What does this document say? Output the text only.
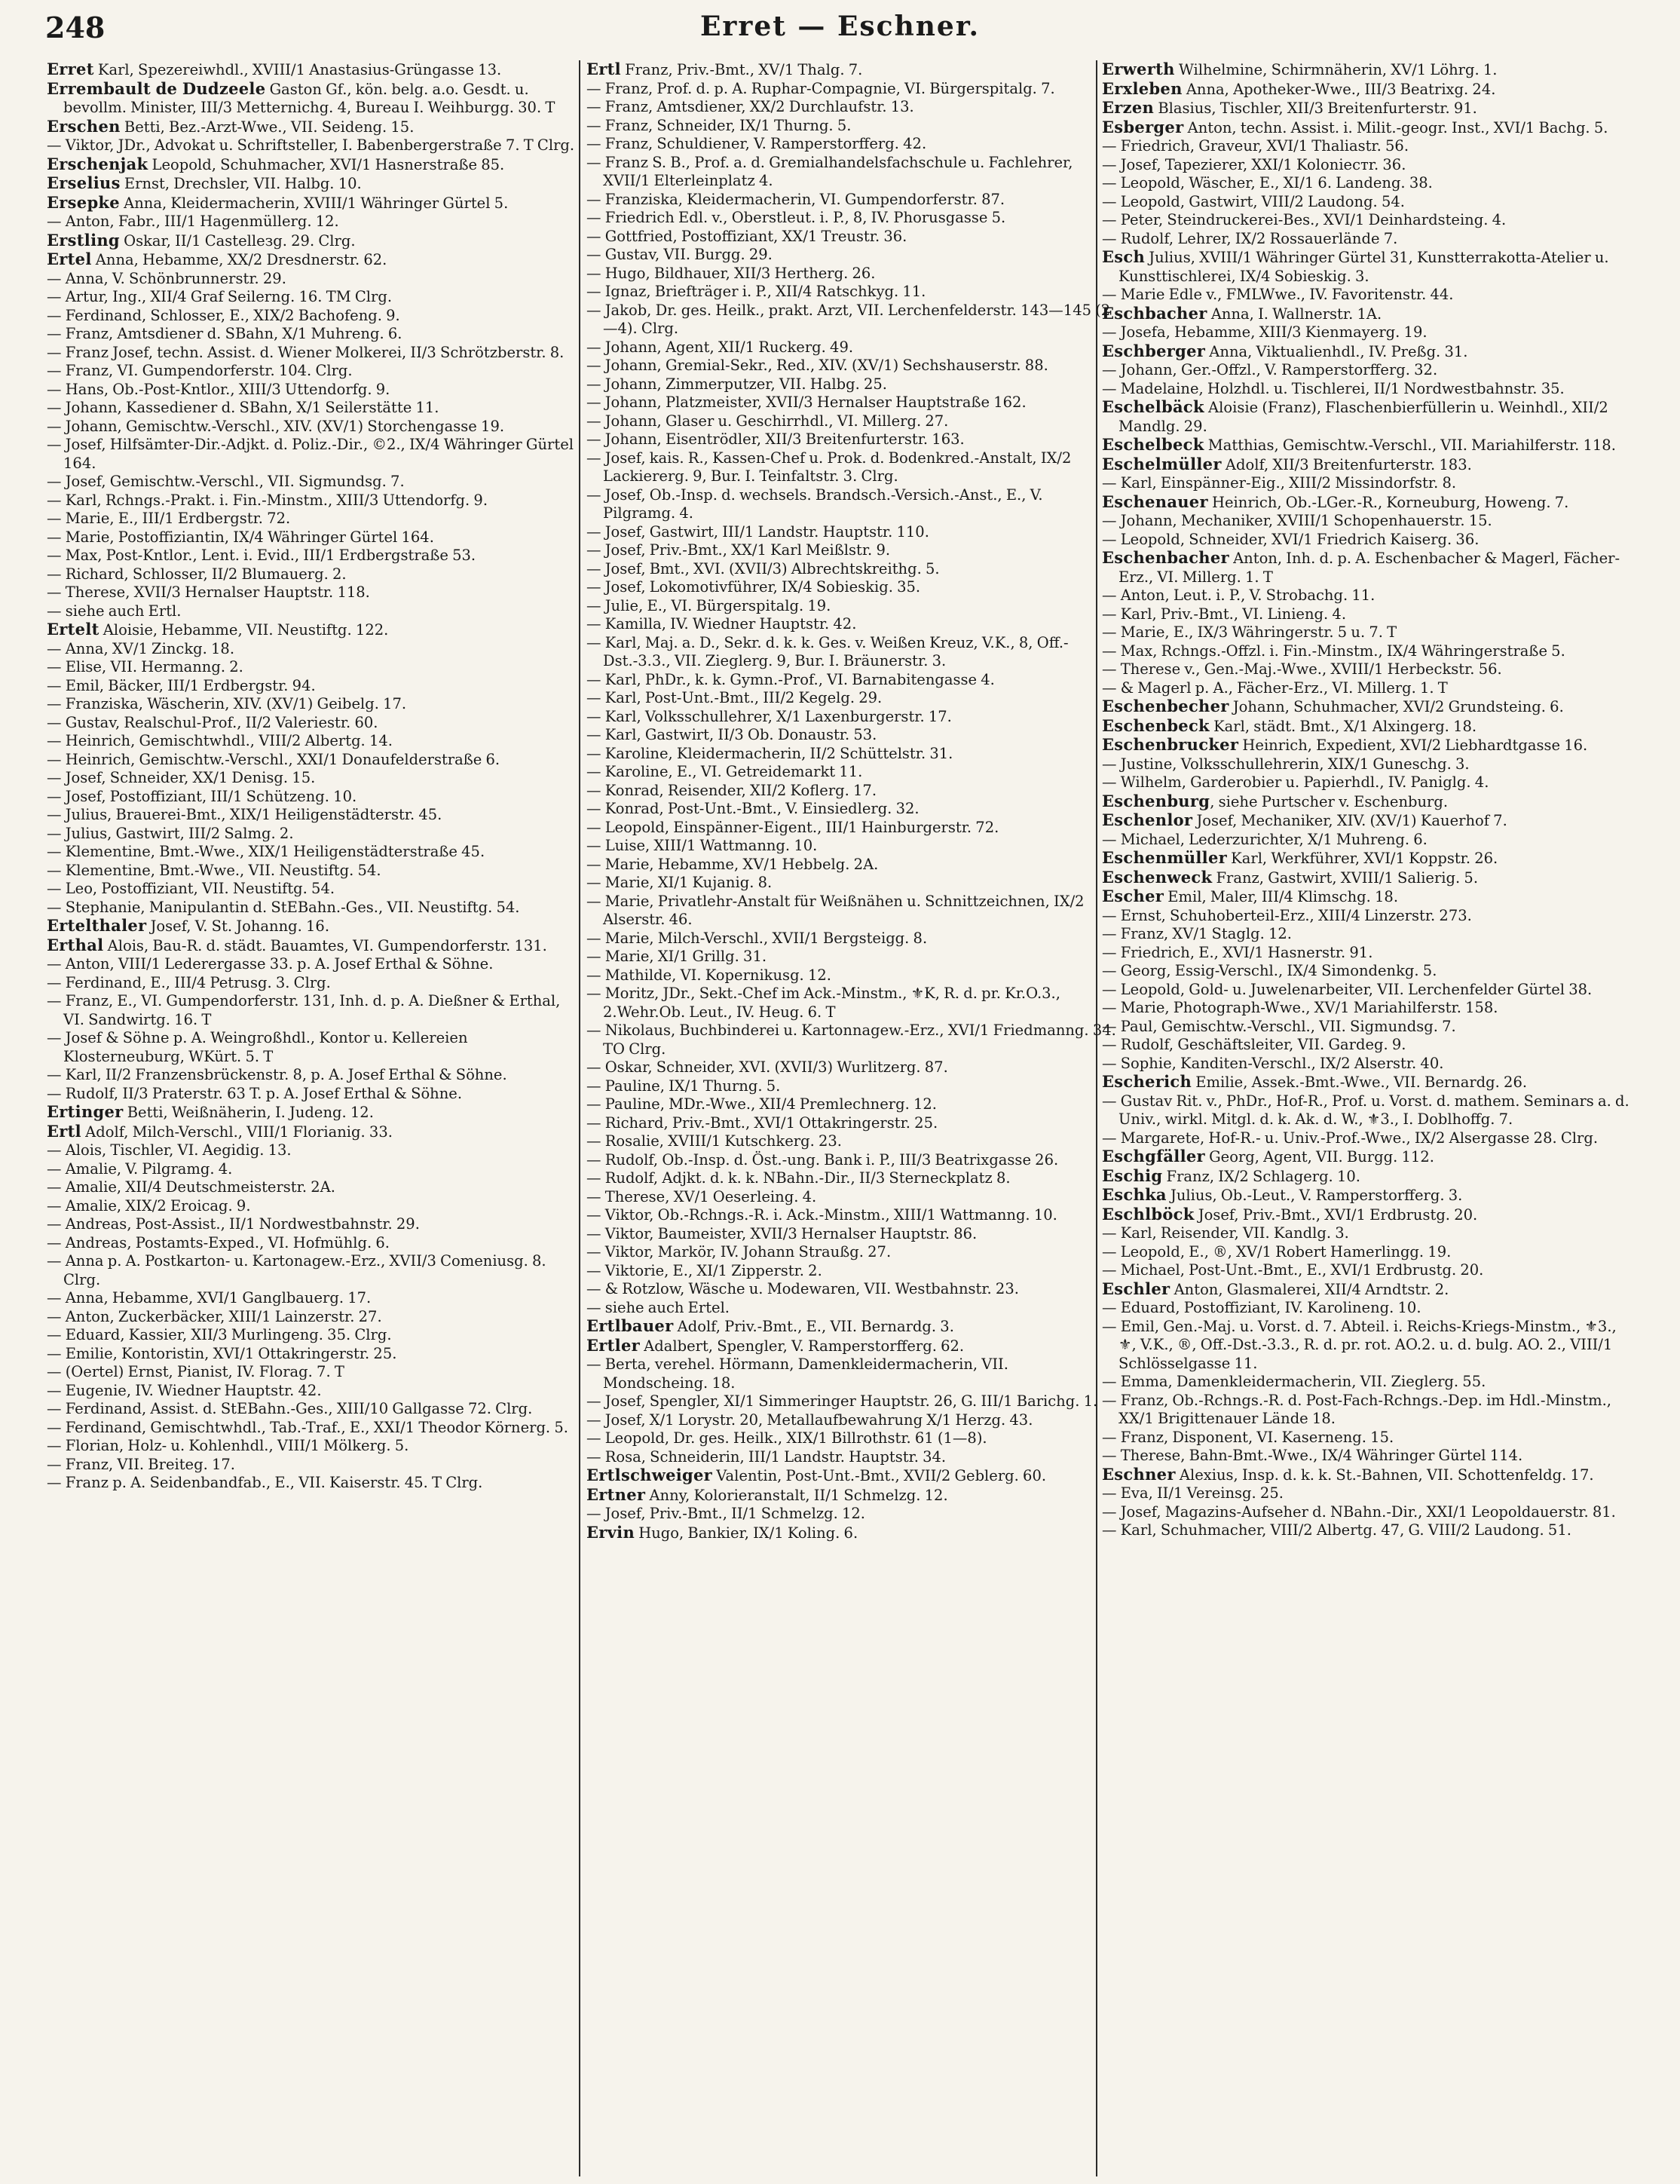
248	Erret — Eschner.

Erret Karl, Spezereiwhdl., XVIII/1 Anastasius-Grüngasse 13.

Errembault de Dudzeele Gaston Gf., kön. belg. a.o. Gesdt. u. bevollm. Minister, III/3 Metternichg. 4, Bureau I. Weihburgg. 30. T

Erschen Betti, Bez.-Arzt-Wwe., VII. Seideng. 15.

— Viktor, JDr., Advokat u. Schriftsteller, I. Babenbergerstraße 7. T Clrg.

Erschenjak Leopold, Schuhmacher, XVI/1 Hasnerstraße 85.

Erselius Ernst, Drechsler, VII. Halbg. 10.

Ersepke Anna, Kleidermacherin, XVIII/1 Währinger Gürtel 5.

— Anton, Fabr., III/1 Hagenmüllerg. 12.

Erstling Oskar, II/1 Castelleзg. 29. Clrg.

Ertel Anna, Hebamme, XX/2 Dresdnerstr. 62.

— Anna, V. Schönbrunnerstr. 29.

— Artur, Ing., XII/4 Graf Seilerng. 16. TM Clrg.

— Ferdinand, Schlosser, E., XIX/2 Bachofeng. 9.

— Franz, Amtsdiener d. SBahn, X/1 Muhreng. 6.

— Franz Josef, techn. Assist. d. Wiener Molkerei, II/3 Schrötzberstr. 8.

— Franz, VI. Gumpendorferstr. 104. Clrg.

— Hans, Ob.-Post-Kntlor., XIII/3 Uttendorfg. 9.

— Johann, Kassediener d. SBahn, X/1 Seilerstätte 11.

— Johann, Gemischtw.-Verschl., XIV. (XV/1) Storchengasse 19.

— Josef, Hilfsämter-Dir.-Adjkt. d. Poliz.-Dir., ©2., IX/4 Währinger Gürtel 164.

— Josef, Gemischtw.-Verschl., VII. Sigmundsg. 7.

— Karl, Rchngs.-Prakt. i. Fin.-Minstm., XIII/3 Uttendorfg. 9.

— Marie, E., III/1 Erdbergstr. 72.

— Marie, Postoffiziantin, IX/4 Währinger Gürtel 164.

— Max, Post-Kntlor., Lent. i. Evid., III/1 Erdbergstraße 53.

— Richard, Schlosser, II/2 Blumauerg. 2.

— Therese, XVII/3 Hernalser Hauptstr. 118.

— siehe auch Ertl.

Ertelt Aloisie, Hebamme, VII. Neustiftg. 122.

— Anna, XV/1 Zinckg. 18.

— Elise, VII. Hermanng. 2.

— Emil, Bäcker, III/1 Erdbergstr. 94.

— Franziska, Wäscherin, XIV. (XV/1) Geibelg. 17.

— Gustav, Realschul-Prof., II/2 Valeriestr. 60.

— Heinrich, Gemischtwhdl., VIII/2 Albertg. 14.

— Heinrich, Gemischtw.-Verschl., XXI/1 Donaufelderstraße 6.

— Josef, Schneider, XX/1 Denisg. 15.

— Josef, Postoffiziant, III/1 Schützeng. 10.

— Julius, Brauerei-Bmt., XIX/1 Heiligenstädterstr. 45.

— Julius, Gastwirt, III/2 Salmg. 2.

— Klementine, Bmt.-Wwe., XIX/1 Heiligenstädterstraße 45.

— Klementine, Bmt.-Wwe., VII. Neustiftg. 54.

— Leo, Postoffiziant, VII. Neustiftg. 54.

— Stephanie, Manipulantin d. StEBahn.-Ges., VII. Neustiftg. 54.

Ertelthaler Josef, V. St. Johanng. 16.

Erthal Alois, Bau-R. d. städt. Bauamtes, VI. Gumpendorferstr. 131.

— Anton, VIII/1 Lederergasse 33. p. A. Josef Erthal & Söhne.

— Ferdinand, E., III/4 Petrusg. 3. Clrg.

— Franz, E., VI. Gumpendorferstr. 131, Inh. d. p. A. Dießner & Erthal, VI. Sandwirtg. 16. T

— Josef & Söhne p. A. Weingroßhdl., Kontor u. Kellereien Klosterneuburg, WKürt. 5. T

— Karl, II/2 Franzensbrückenstr. 8, p. A. Josef Erthal & Söhne.

— Rudolf, II/3 Praterstr. 63 T. p. A. Josef Erthal & Söhne.

Ertinger Betti, Weißnäherin, I. Judeng. 12.

Ertl Adolf, Milch-Verschl., VIII/1 Florianig. 33.

— Alois, Tischler, VI. Aegidig. 13.

— Amalie, V. Pilgramg. 4.

— Amalie, XII/4 Deutschmeisterstr. 2A.

— Amalie, XIX/2 Eroicag. 9.

— Andreas, Post-Assist., II/1 Nordwestbahnstr. 29.

— Andreas, Postamts-Exped., VI. Hofmühlg. 6.

— Anna p. A. Postkarton- u. Kartonagew.-Erz., XVII/3 Comeniusg. 8. Clrg.

— Anna, Hebamme, XVI/1 Ganglbauerg. 17.

— Anton, Zuckerbäcker, XIII/1 Lainzerstr. 27.

— Eduard, Kassier, XII/3 Murlingeng. 35. Clrg.

— Emilie, Kontoristin, XVI/1 Ottakringerstr. 25.

— (Oertel) Ernst, Pianist, IV. Florag. 7. T

— Eugenie, IV. Wiedner Hauptstr. 42.

— Ferdinand, Assist. d. StEBahn.-Ges., XIII/10 Gallgasse 72. Clrg.

— Ferdinand, Gemischtwhdl., Tab.-Traf., E., XXI/1 Theodor Körnerg. 5.

— Florian, Holz- u. Kohlenhdl., VIII/1 Mölkerg. 5.

— Franz, VII. Breiteg. 17.

— Franz p. A. Seidenbandfab., E., VII. Kaiserstr. 45. T Clrg.

Ertl Franz, Priv.-Bmt., XV/1 Thalg. 7.

— Franz, Prof. d. p. A. Ruphar-Compagnie, VI. Bürgerspitalg. 7.

— Franz, Amtsdiener, XX/2 Durchlaufstr. 13.

— Franz, Schneider, IX/1 Thurng. 5.

— Franz, Schuldiener, V. Ramperstorfferg. 42.

— Franz S. B., Prof. a. d. Gremialhandelsfachschule u. Fachlehrer, XVII/1 Elterleinplatz 4.

— Franziska, Kleidermacherin, VI. Gumpendorferstr. 87.

— Friedrich Edl. v., Oberstleut. i. P., 8, IV. Phorusgasse 5.

— Gottfried, Postoffiziant, XX/1 Treustr. 36.

— Gustav, VII. Burgg. 29.

— Hugo, Bildhauer, XII/3 Hertherg. 26.

— Ignaz, Briefträger i. P., XII/4 Ratschkyg. 11.

— Jakob, Dr. ges. Heilk., prakt. Arzt, VII. Lerchenfelderstr. 143—145 (2—4). Clrg.

— Johann, Agent, XII/1 Ruckerg. 49.

— Johann, Gremial-Sekr., Red., XIV. (XV/1) Sechshauserstr. 88.

— Johann, Zimmerputzer, VII. Halbg. 25.

— Johann, Platzmeister, XVII/3 Hernalser Hauptstraße 162.

— Johann, Glaser u. Geschirrhdl., VI. Millerg. 27.

— Johann, Eisentrödler, XII/3 Breitenfurterstr. 163.

— Josef, kais. R., Kassen-Chef u. Prok. d. Bodenkred.-Anstalt, IX/2 Lackiererg. 9, Bur. I. Teinfaltstr. 3. Clrg.

— Josef, Ob.-Insp. d. wechsels. Brandsch.-Versich.-Anst., E., V. Pilgramg. 4.

— Josef, Gastwirt, III/1 Landstr. Hauptstr. 110.

— Josef, Priv.-Bmt., XX/1 Karl Meißlstr. 9.

— Josef, Bmt., XVI. (XVII/3) Albrechtskreithg. 5.

— Josef, Lokomotivführer, IX/4 Sobieskig. 35.

— Julie, E., VI. Bürgerspitalg. 19.

— Kamilla, IV. Wiedner Hauptstr. 42.

— Karl, Maj. a. D., Sekr. d. k. k. Ges. v. Weißen Kreuz, V.K., 8, Off.-Dst.-3.3., VII. Zieglerg. 9, Bur. I. Bräunerstr. 3.

— Karl, PhDr., k. k. Gymn.-Prof., VI. Barnabitengasse 4.

— Karl, Post-Unt.-Bmt., III/2 Kegelg. 29.

— Karl, Volksschullehrer, X/1 Laxenburgerstr. 17.

— Karl, Gastwirt, II/3 Ob. Donaustr. 53.

— Karoline, Kleidermacherin, II/2 Schüttelstr. 31.

— Karoline, E., VI. Getreidemarkt 11.

— Konrad, Reisender, XII/2 Koflerg. 17.

— Konrad, Post-Unt.-Bmt., V. Einsiedlerg. 32.

— Leopold, Einspänner-Eigent., III/1 Hainburgerstr. 72.

— Luise, XIII/1 Wattmanng. 10.

— Marie, Hebamme, XV/1 Hebbelg. 2A.

— Marie, XI/1 Kujanig. 8.

— Marie, Privatlehr-Anstalt für Weißnähen u. Schnittzeichnen, IX/2 Alserstr. 46.

— Marie, Milch-Verschl., XVII/1 Bergsteigg. 8.

— Marie, XI/1 Grillg. 31.

— Mathilde, VI. Kopernikusg. 12.

— Moritz, JDr., Sekt.-Chef im Ack.-Minstm., ⚜K, R. d. pr. Kr.O.3., 2.Wehr.Ob. Leut., IV. Heug. 6. T

— Nikolaus, Buchbinderei u. Kartonnagew.-Erz., XVI/1 Friedmanng. 34. TO Clrg.

— Oskar, Schneider, XVI. (XVII/3) Wurlitzerg. 87.

— Pauline, IX/1 Thurng. 5.

— Pauline, MDr.-Wwe., XII/4 Premlechnerg. 12.

— Richard, Priv.-Bmt., XVI/1 Ottakringerstr. 25.

— Rosalie, XVIII/1 Kutschkerg. 23.

— Rudolf, Ob.-Insp. d. Öst.-ung. Bank i. P., III/3 Beatrixgasse 26.

— Rudolf, Adjkt. d. k. k. NBahn.-Dir., II/3 Sterneckplatz 8.

— Therese, XV/1 Oeserleing. 4.

— Viktor, Ob.-Rchngs.-R. i. Ack.-Minstm., XIII/1 Wattmanng. 10.

— Viktor, Baumeister, XVII/3 Hernalser Hauptstr. 86.

— Viktor, Markör, IV. Johann Straußg. 27.

— Viktorie, E., XI/1 Zipperstr. 2.

— & Rotzlow, Wäsche u. Modewaren, VII. Westbahnstr. 23.

— siehe auch Ertel.

Ertlbauer Adolf, Priv.-Bmt., E., VII. Bernardg. 3.

Ertler Adalbert, Spengler, V. Ramperstorfferg. 62.

— Berta, verehel. Hörmann, Damenkleidermacherin, VII. Mondscheing. 18.

— Josef, Spengler, XI/1 Simmeringer Hauptstr. 26, G. III/1 Barichg. 1.

— Josef, X/1 Lorystr. 20, Metallaufbewahrung X/1 Herzg. 43.

— Leopold, Dr. ges. Heilk., XIX/1 Billrothstr. 61 (1—8).

— Rosa, Schneiderin, III/1 Landstr. Hauptstr. 34.

Ertlschweiger Valentin, Post-Unt.-Bmt., XVII/2 Geblerg. 60.

Ertner Anny, Kolorieranstalt, II/1 Schmelzg. 12.

— Josef, Priv.-Bmt., II/1 Schmelzg. 12.

Ervin Hugo, Bankier, IX/1 Koling. 6.

Erwerth Wilhelmine, Schirmnäherin, XV/1 Löhrg. 1.

Erxleben Anna, Apotheker-Wwe., III/3 Beatrixg. 24.

Erzen Blasius, Tischler, XII/3 Breitenfurterstr. 91.

Esberger Anton, techn. Assist. i. Milit.-geogr. Inst., XVI/1 Bachg. 5.

— Friedrich, Graveur, XVI/1 Thaliastr. 56.

— Josef, Tapezierer, XXI/1 Kolonieстr. 36.

— Leopold, Wäscher, E., XI/1 6. Landeng. 38.

— Leopold, Gastwirt, VIII/2 Laudong. 54.

— Peter, Steindruckerei-Bes., XVI/1 Deinhardsteing. 4.

— Rudolf, Lehrer, IX/2 Rossauerlände 7.

Esch Julius, XVIII/1 Währinger Gürtel 31, Kunstterrakotta-Atelier u. Kunsttischlerei, IX/4 Sobieskig. 3.

— Marie Edle v., FMLWwe., IV. Favoritenstr. 44.

Eschbacher Anna, I. Wallnerstr. 1A.

— Josefa, Hebamme, XIII/3 Kienmayerg. 19.

Eschberger Anna, Viktualienhdl., IV. Preßg. 31.

— Johann, Ger.-Offzl., V. Ramperstorfferg. 32.

— Madelaine, Holzhdl. u. Tischlerei, II/1 Nordwestbahnstr. 35.

Eschelbäck Aloisie (Franz), Flaschenbierfüllerin u. Weinhdl., XII/2 Mandlg. 29.

Eschelbeck Matthias, Gemischtw.-Verschl., VII. Mariahilferstr. 118.

Eschelmüller Adolf, XII/3 Breitenfurterstr. 183.

— Karl, Einspänner-Eig., XIII/2 Missindorfstr. 8.

Eschenauer Heinrich, Ob.-LGer.-R., Korneuburg, Howeng. 7.

— Johann, Mechaniker, XVIII/1 Schopenhauerstr. 15.

— Leopold, Schneider, XVI/1 Friedrich Kaiserg. 36.

Eschenbacher Anton, Inh. d. p. A. Eschenbacher & Magerl, Fächer-Erz., VI. Millerg. 1. T

— Anton, Leut. i. P., V. Strobachg. 11.

— Karl, Priv.-Bmt., VI. Linieng. 4.

— Marie, E., IX/3 Währingerstr. 5 u. 7. T

— Max, Rchngs.-Offzl. i. Fin.-Minstm., IX/4 Währingerstraße 5.

— Therese v., Gen.-Maj.-Wwe., XVIII/1 Herbeckstr. 56.

— & Magerl p. A., Fächer-Erz., VI. Millerg. 1. T

Eschenbecher Johann, Schuhmacher, XVI/2 Grundsteing. 6.

Eschenbeck Karl, städt. Bmt., X/1 Alxingerg. 18.

Eschenbrucker Heinrich, Expedient, XVI/2 Liebhardtgasse 16.

— Justine, Volksschullehrerin, XIX/1 Guneschg. 3.

— Wilhelm, Garderobier u. Papierhdl., IV. Paniglg. 4.

Eschenburg, siehe Purtscher v. Eschenburg.

Eschenlor Josef, Mechaniker, XIV. (XV/1) Kauerhof 7.

— Michael, Lederzurichter, X/1 Muhreng. 6.

Eschenmüller Karl, Werkführer, XVI/1 Koppstr. 26.

Eschenweck Franz, Gastwirt, XVIII/1 Salierig. 5.

Escher Emil, Maler, III/4 Klimschg. 18.

— Ernst, Schuhoberteil-Erz., XIII/4 Linzerstr. 273.

— Franz, XV/1 Staglg. 12.

— Friedrich, E., XVI/1 Hasnerstr. 91.

— Georg, Essig-Verschl., IX/4 Simondenkg. 5.

— Leopold, Gold- u. Juwelenarbeiter, VII. Lerchenfelder Gürtel 38.

— Marie, Photograph-Wwe., XV/1 Mariahilferstr. 158.

— Paul, Gemischtw.-Verschl., VII. Sigmundsg. 7.

— Rudolf, Geschäftsleiter, VII. Gardeg. 9.

— Sophie, Kanditen-Verschl., IX/2 Alserstr. 40.

Escherich Emilie, Assek.-Bmt.-Wwe., VII. Bernardg. 26.

— Gustav Rit. v., PhDr., Hof-R., Prof. u. Vorst. d. mathem. Seminars a. d. Univ., wirkl. Mitgl. d. k. Ak. d. W., ⚜3., I. Doblhoffg. 7.

— Margarete, Hof-R.- u. Univ.-Prof.-Wwe., IX/2 Alsergasse 28. Clrg.

Eschgfäller Georg, Agent, VII. Burgg. 112.

Eschig Franz, IX/2 Schlagerg. 10.

Eschka Julius, Ob.-Leut., V. Ramperstorfferg. 3.

Eschlböck Josef, Priv.-Bmt., XVI/1 Erdbrustg. 20.

— Karl, Reisender, VII. Kandlg. 3.

— Leopold, E., ®, XV/1 Robert Hamerlingg. 19.

— Michael, Post-Unt.-Bmt., E., XVI/1 Erdbrustg. 20.

Eschler Anton, Glasmalerei, XII/4 Arndtstr. 2.

— Eduard, Postoffiziant, IV. Karolineng. 10.

— Emil, Gen.-Maj. u. Vorst. d. 7. Abteil. i. Reichs-Kriegs-Minstm., ⚜3., ⚜, V.K., ®, Off.-Dst.-3.3., R. d. pr. rot. AO.2. u. d. bulg. AO. 2., VIII/1 Schlösselgasse 11.

— Emma, Damenkleidermacherin, VII. Zieglerg. 55.

— Franz, Ob.-Rchngs.-R. d. Post-Fach-Rchngs.-Dep. im Hdl.-Minstm., XX/1 Brigittenauer Lände 18.

— Franz, Disponent, VI. Kaserneng. 15.

— Therese, Bahn-Bmt.-Wwe., IX/4 Währinger Gürtel 114.

Eschner Alexius, Insp. d. k. k. St.-Bahnen, VII. Schottenfeldg. 17.

— Eva, II/1 Vereinsg. 25.

— Josef, Magazins-Aufseher d. NBahn.-Dir., XXI/1 Leopoldauerstr. 81.

— Karl, Schuhmacher, VIII/2 Albertg. 47, G. VIII/2 Laudong. 51.
